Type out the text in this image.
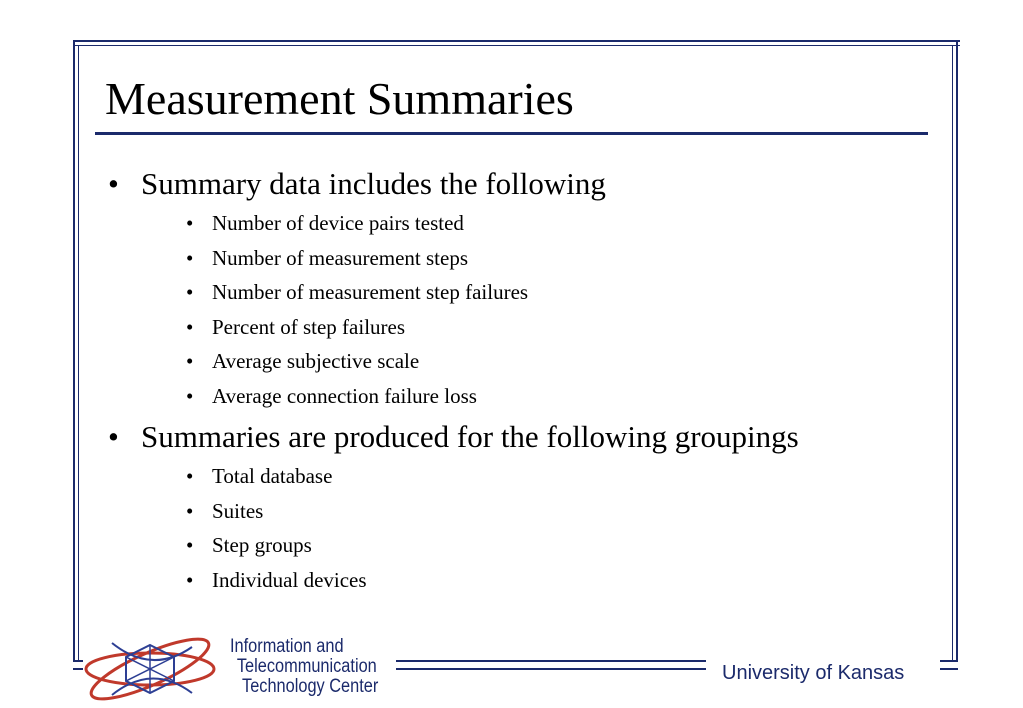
Measurement Summaries
• Summary data includes the following
• Number of device pairs tested
• Number of measurement steps
• Number of measurement step failures
• Percent of step failures
• Average subjective scale
• Average connection failure loss
• Summaries are produced for the following groupings
• Total database
• Suites
• Step groups
• Individual devices
Information and
Telecommunication
Technology Center
University of Kansas
